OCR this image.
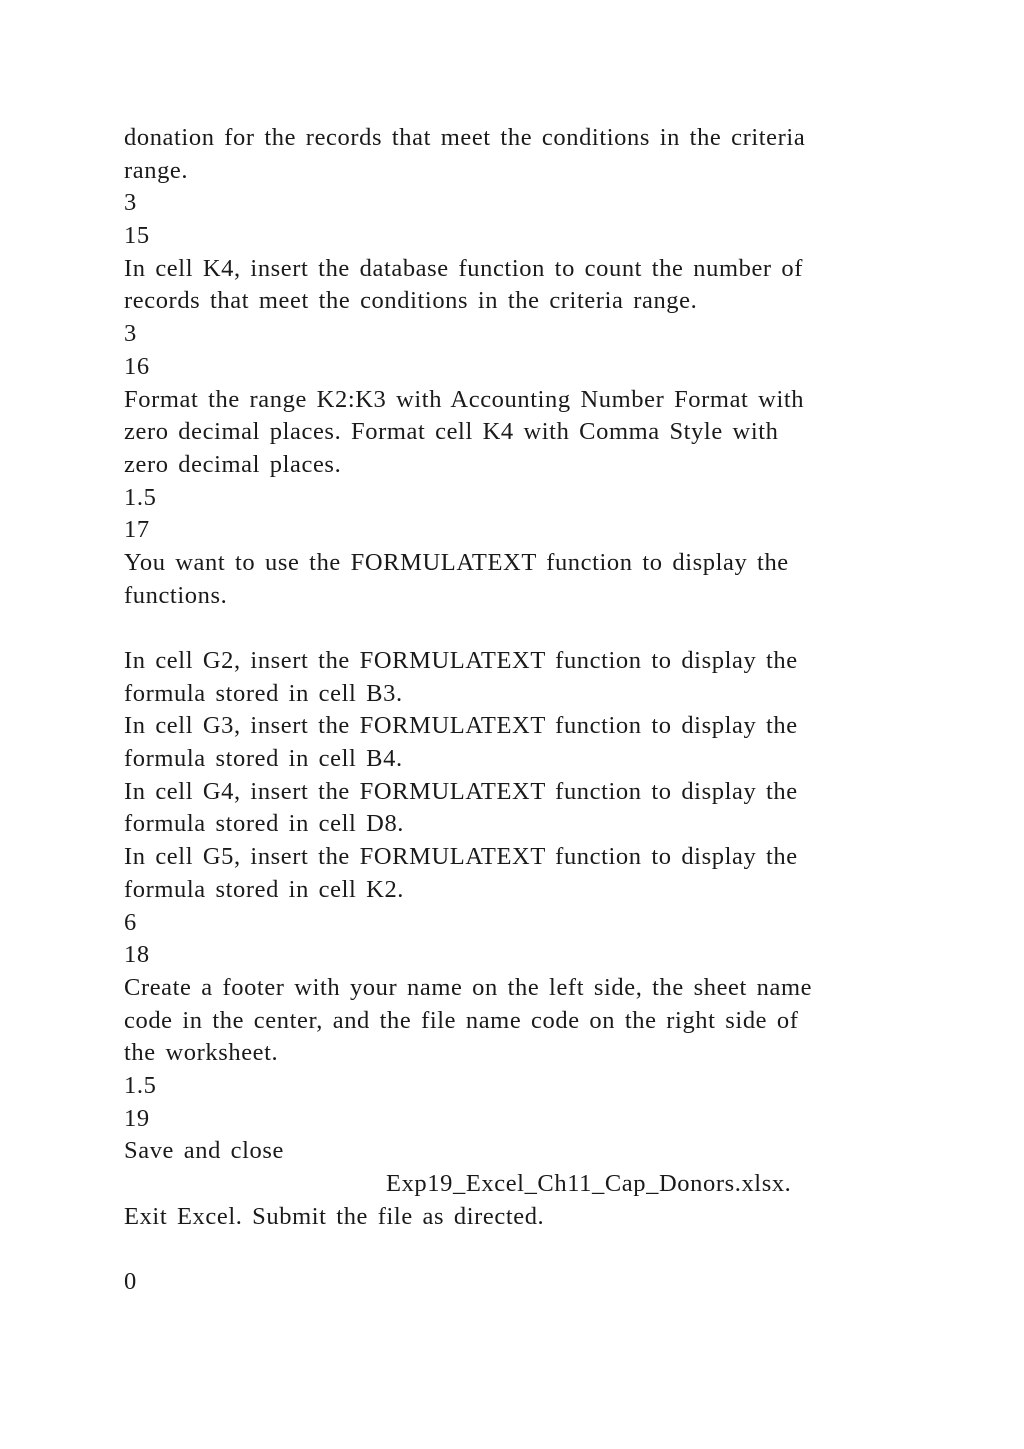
donation for the records that meet the conditions in the criteria
range.
3
15
In cell K4, insert the database function to count the number of
records that meet the conditions in the criteria range.
3
16
Format the range K2:K3 with Accounting Number Format with
zero decimal places. Format cell K4 with Comma Style with
zero decimal places.
1.5
17
You want to use the FORMULATEXT function to display the
functions.
In cell G2, insert the FORMULATEXT function to display the
formula stored in cell B3.
In cell G3, insert the FORMULATEXT function to display the
formula stored in cell B4.
In cell G4, insert the FORMULATEXT function to display the
formula stored in cell D8.
In cell G5, insert the FORMULATEXT function to display the
formula stored in cell K2.
6
18
Create a footer with your name on the left side, the sheet name
code in the center, and the file name code on the right side of
the worksheet.
1.5
19
Save and close
Exp19_Excel_Ch11_Cap_Donors.xlsx.
Exit Excel. Submit the file as directed.
0
